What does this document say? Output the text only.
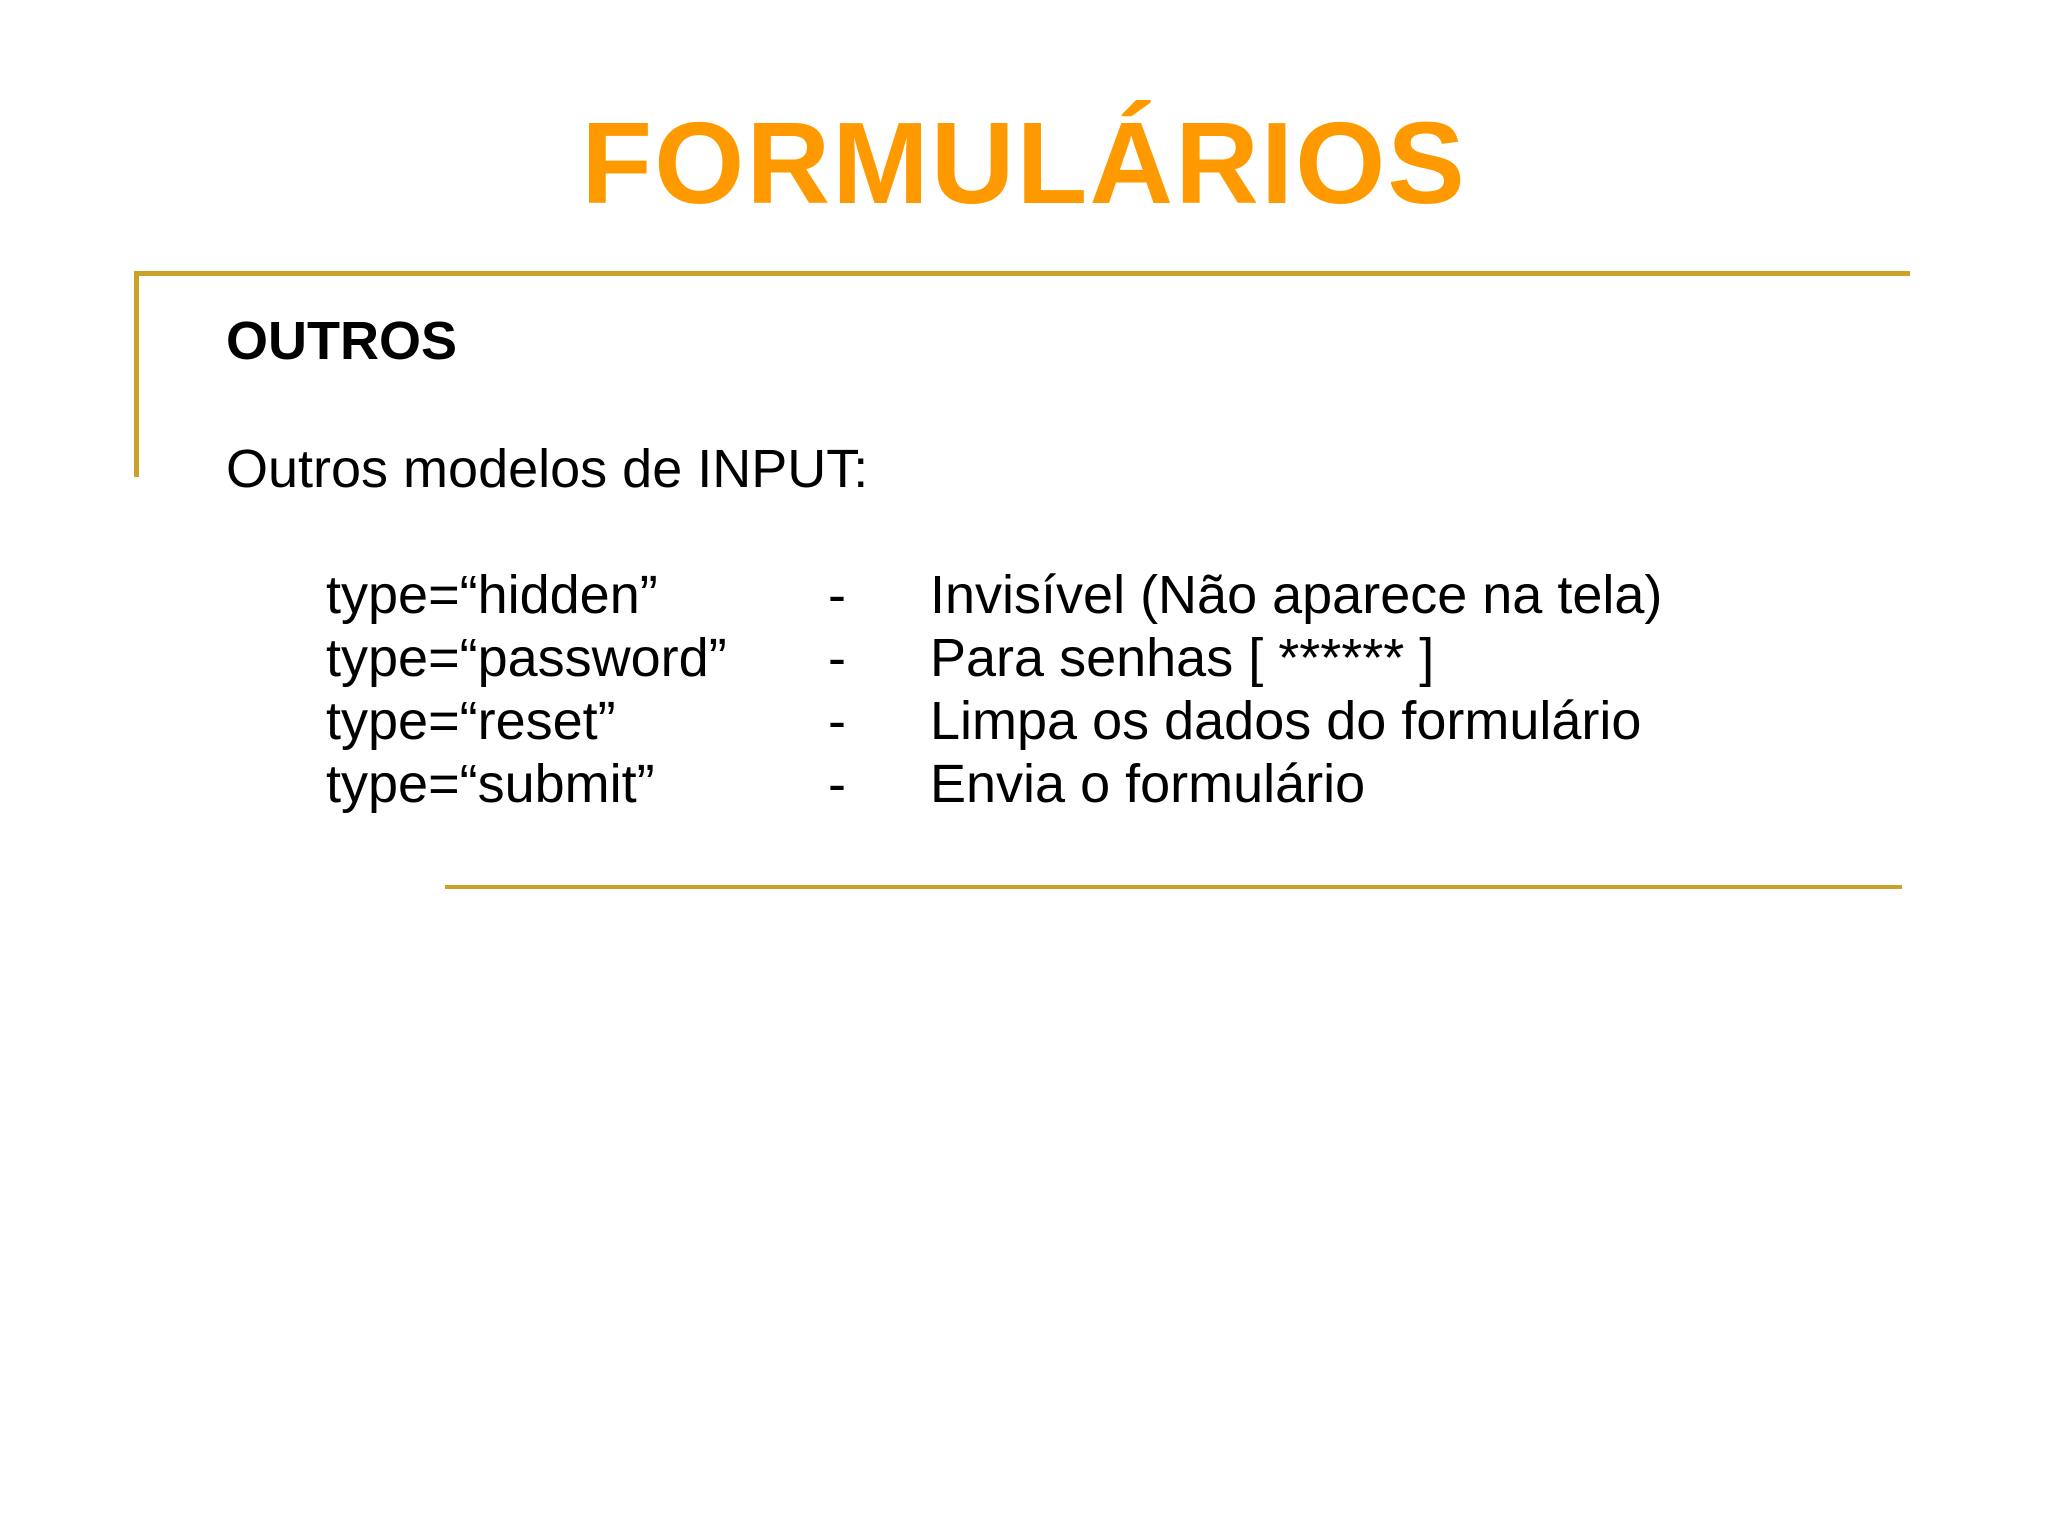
FORMULÁRIOS
OUTROS
Outros modelos de INPUT:
type=“hidden”	- Invisível (Não aparece na tela)
type=“password” - Para senhas [ ****** ]
type=“reset”	- Limpa os dados do formulário
type=“submit”	- Envia o formulário
